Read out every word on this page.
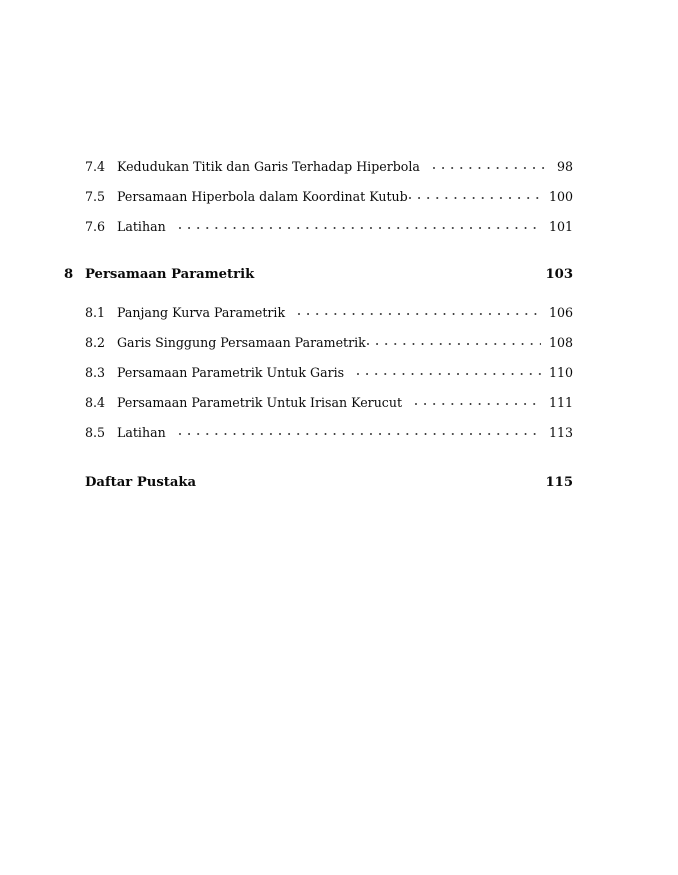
7.4 Kedudukan Titik dan Garis Terhadap Hiperbola	98
7.5 Persamaan Hiperbola dalam Koordinat Kutub	100
7.6 Latihan	101
8 Persamaan Parametrik	103
8.1 Panjang Kurva Parametrik	106
8.2 Garis Singgung Persamaan Parametrik	108
8.3 Persamaan Parametrik Untuk Garis	110
8.4 Persamaan Parametrik Untuk Irisan Kerucut	111
8.5 Latihan	113
Daftar Pustaka	115
